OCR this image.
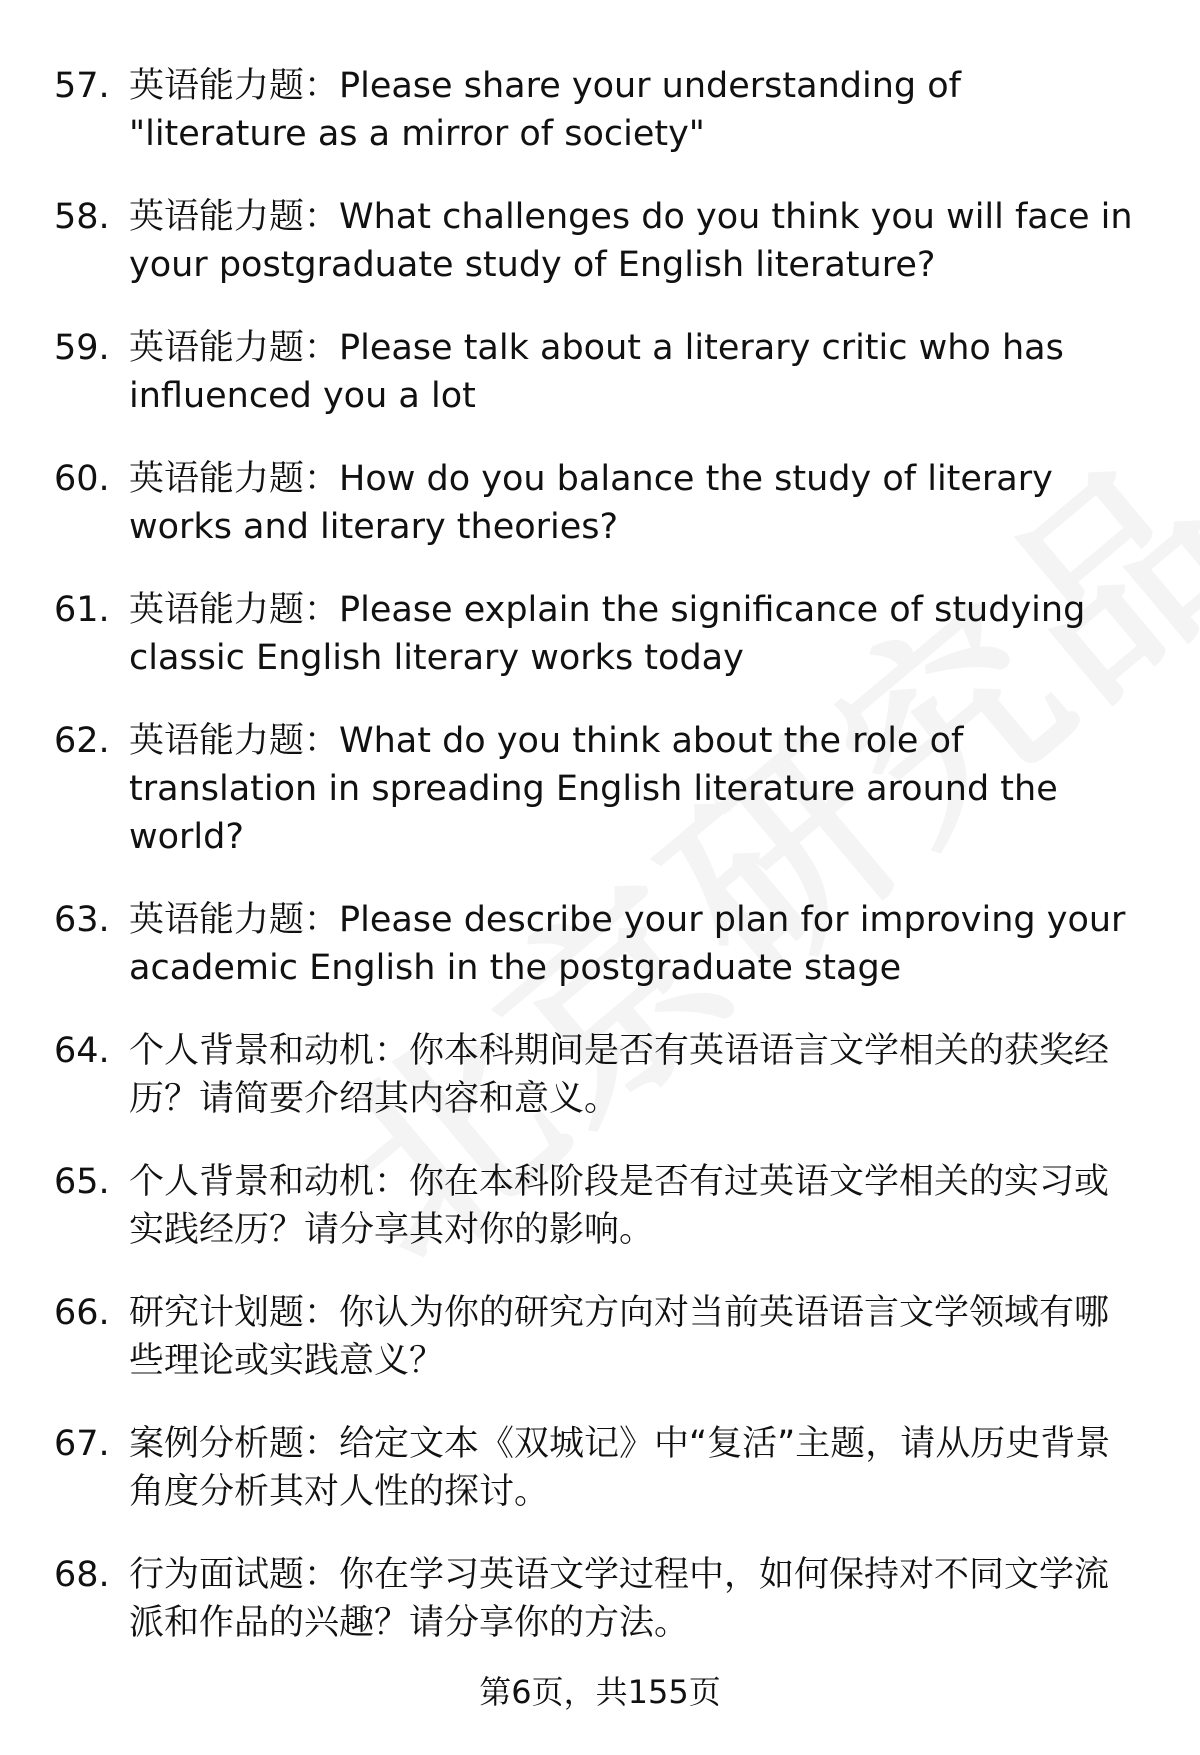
57. 英语能力题：Please share your understanding of "literature as a mirror of society"
58. 英语能力题：What challenges do you think you will face in your postgraduate study of English literature?
59. 英语能力题：Please talk about a literary critic who has influenced you a lot
60. 英语能力题：How do you balance the study of literary works and literary theories?
61. 英语能力题：Please explain the significance of studying classic English literary works today
62. 英语能力题：What do you think about the role of translation in spreading English literature around the world?
63. 英语能力题：Please describe your plan for improving your academic English in the postgraduate stage
64. 个人背景和动机：你本科期间是否有英语语言文学相关的获奖经历？请简要介绍其内容和意义。
65. 个人背景和动机：你在本科阶段是否有过英语文学相关的实习或实践经历？请分享其对你的影响。
66. 研究计划题：你认为你的研究方向对当前英语语言文学领域有哪些理论或实践意义？
67. 案例分析题：给定文本《双城记》中“复活”主题，请从历史背景角度分析其对人性的探讨。
68. 行为面试题：你在学习英语文学过程中，如何保持对不同文学流派和作品的兴趣？请分享你的方法。
第6页，共155页
